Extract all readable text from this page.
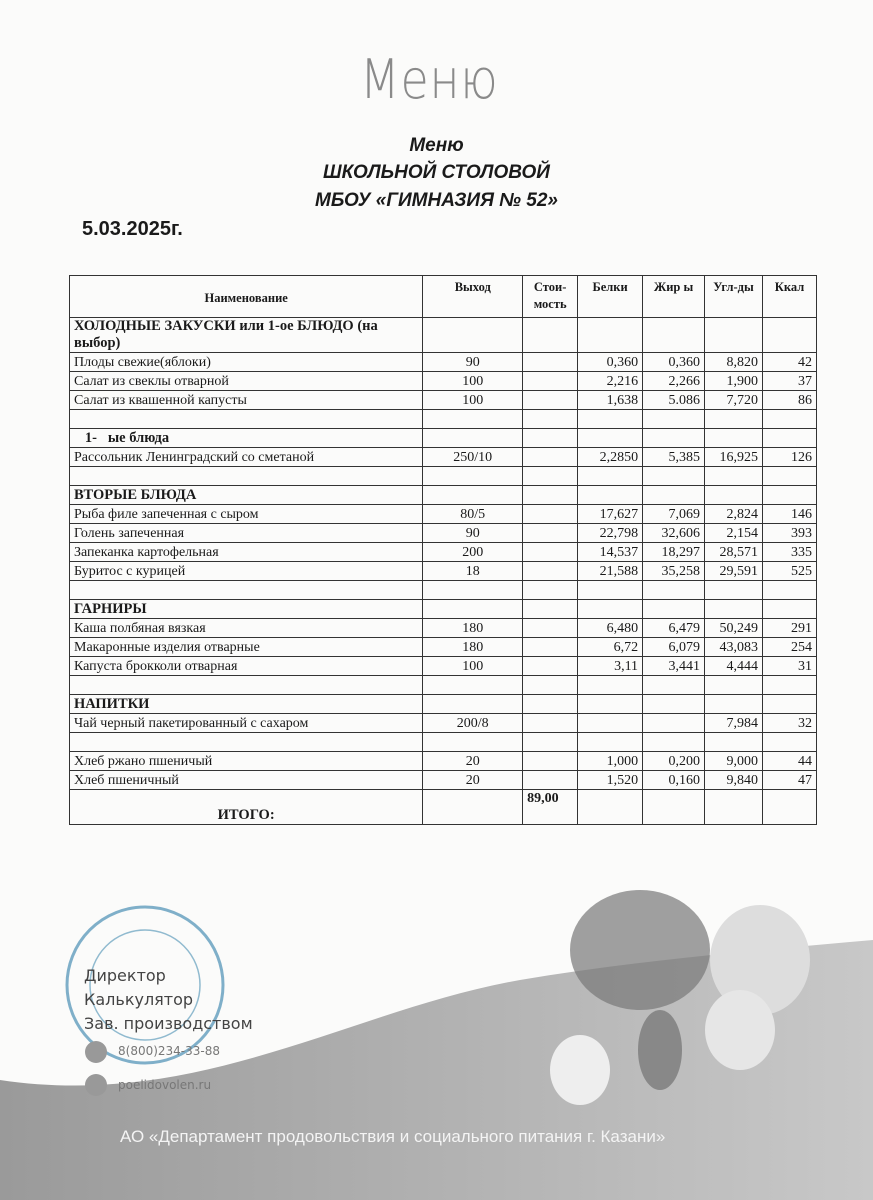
Меню
Меню
ШКОЛЬНОЙ СТОЛОВОЙ
МБОУ «ГИМНАЗИЯ № 52»
5.03.2025г.
Наименование	Выход	Стои-мость	Белки	Жир ы	Угл-ды	Ккал
ХОЛОДНЫЕ ЗАКУСКИ или 1-ое БЛЮДО (на выбор)						
Плоды свежие(яблоки)	90		0,360	0,360	8,820	42
Салат из свеклы отварной	100		2,216	2,266	1,900	37
Салат из квашенной капусты	100		1,638	5.086	7,720	86

1-   ые блюда						
Рассольник Ленинградский со сметаной	250/10		2,2850	5,385	16,925	126

ВТОРЫЕ БЛЮДА						
Рыба филе запеченная с сыром	80/5		17,627	7,069	2,824	146
Голень запеченная	90		22,798	32,606	2,154	393
Запеканка картофельная	200		14,537	18,297	28,571	335
Буритос с курицей	18		21,588	35,258	29,591	525

ГАРНИРЫ						
Каша полбяная вязкая	180		6,480	6,479	50,249	291
Макаронные изделия отварные	180		6,72	6,079	43,083	254
Капуста брокколи отварная	100		3,11	3,441	4,444	31

НАПИТКИ						
Чай черный пакетированный с сахаром	200/8				7,984	32

Хлеб ржано пшеничый	20		1,000	0,200	9,000	44
Хлеб пшеничный	20		1,520	0,160	9,840	47
ИТОГО:		89,00				
Директор
Калькулятор
Зав. производством
8(800)234-33-88
poelidovolen.ru
АО «Департамент продовольствия и социального питания г. Казани»
